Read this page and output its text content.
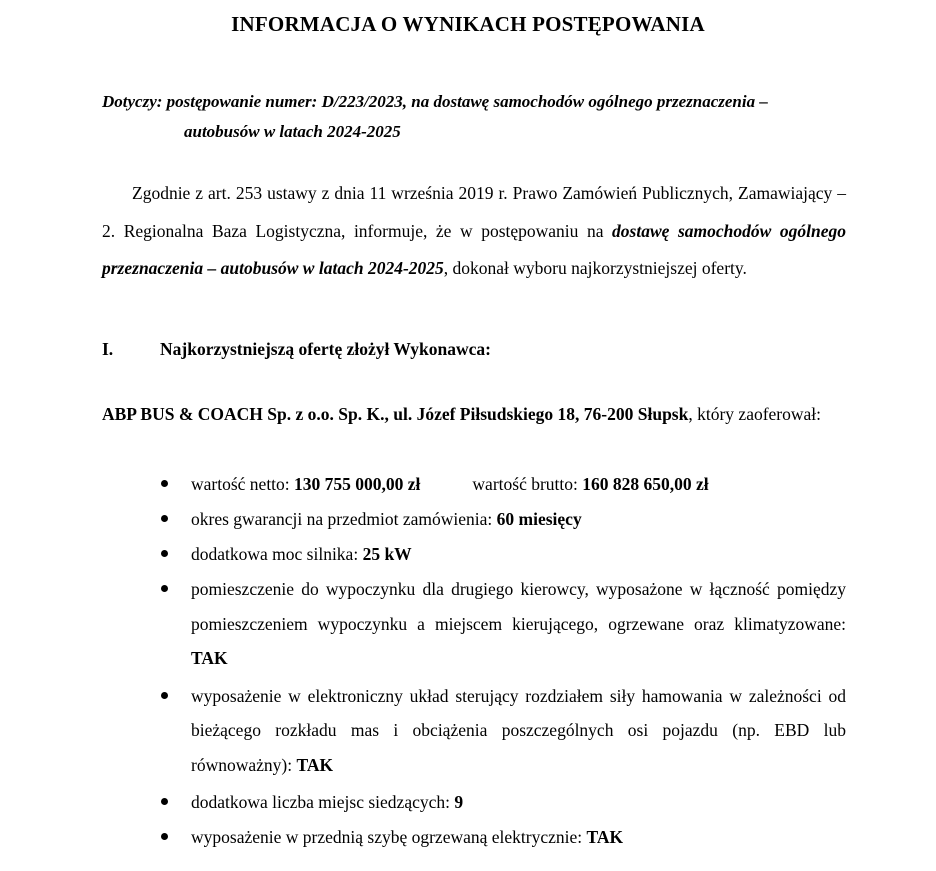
INFORMACJA O WYNIKACH POSTĘPOWANIA
Dotyczy: postępowanie numer: D/223/2023, na dostawę samochodów ogólnego przeznaczenia –
autobusów w latach 2024-2025
Zgodnie z art. 253 ustawy z dnia 11 września 2019 r. Prawo Zamówień Publicznych, Zamawiający – 2. Regionalna Baza Logistyczna, informuje, że w postępowaniu na dostawę samochodów ogólnego przeznaczenia – autobusów w latach 2024-2025, dokonał wyboru najkorzystniejszej oferty.
I.	Najkorzystniejszą ofertę złożył Wykonawca:
ABP BUS & COACH Sp. z o.o. Sp. K., ul. Józef Piłsudskiego 18, 76-200 Słupsk, który zaoferował:
wartość netto: 130 755 000,00 zł	wartość brutto: 160 828 650,00 zł
okres gwarancji na przedmiot zamówienia: 60 miesięcy
dodatkowa moc silnika: 25 kW
pomieszczenie do wypoczynku dla drugiego kierowcy, wyposażone w łączność pomiędzy pomieszczeniem wypoczynku a miejscem kierującego, ogrzewane oraz klimatyzowane: TAK
wyposażenie w elektroniczny układ sterujący rozdziałem siły hamowania w zależności od bieżącego rozkładu mas i obciążenia poszczególnych osi pojazdu (np. EBD lub równoważny): TAK
dodatkowa liczba miejsc siedzących: 9
wyposażenie w przednią szybę ogrzewaną elektrycznie: TAK
